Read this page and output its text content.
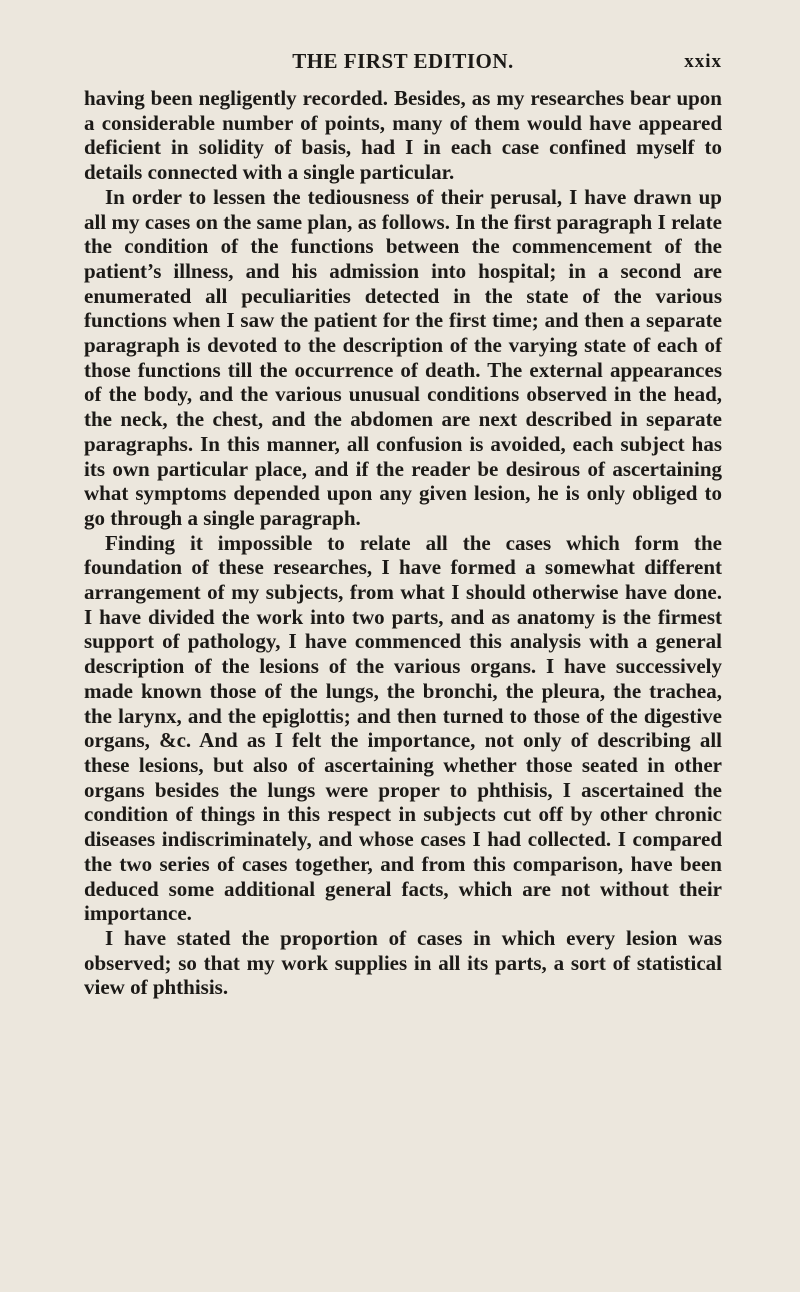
THE FIRST EDITION.	xxix

having been negligently recorded. Besides, as my researches bear upon a considerable number of points, many of them would have appeared deficient in solidity of basis, had I in each case confined myself to details connected with a single particular.

In order to lessen the tediousness of their perusal, I have drawn up all my cases on the same plan, as follows. In the first paragraph I relate the condition of the functions between the commencement of the patient’s illness, and his admission into hospital; in a second are enumerated all peculiarities detected in the state of the various functions when I saw the patient for the first time; and then a separate paragraph is devoted to the description of the varying state of each of those functions till the occurrence of death. The external appearances of the body, and the various unusual conditions observed in the head, the neck, the chest, and the abdomen are next described in separate paragraphs. In this manner, all confusion is avoided, each subject has its own particular place, and if the reader be desirous of ascertaining what symptoms depended upon any given lesion, he is only obliged to go through a single paragraph.

Finding it impossible to relate all the cases which form the foundation of these researches, I have formed a somewhat different arrangement of my subjects, from what I should otherwise have done. I have divided the work into two parts, and as anatomy is the firmest support of pathology, I have commenced this analysis with a general description of the lesions of the various organs. I have successively made known those of the lungs, the bronchi, the pleura, the trachea, the larynx, and the epiglottis; and then turned to those of the digestive organs, &c. And as I felt the importance, not only of describing all these lesions, but also of ascertaining whether those seated in other organs besides the lungs were proper to phthisis, I ascertained the condition of things in this respect in subjects cut off by other chronic diseases indiscriminately, and whose cases I had collected. I compared the two series of cases together, and from this comparison, have been deduced some additional general facts, which are not without their importance.

I have stated the proportion of cases in which every lesion was observed; so that my work supplies in all its parts, a sort of statistical view of phthisis.
